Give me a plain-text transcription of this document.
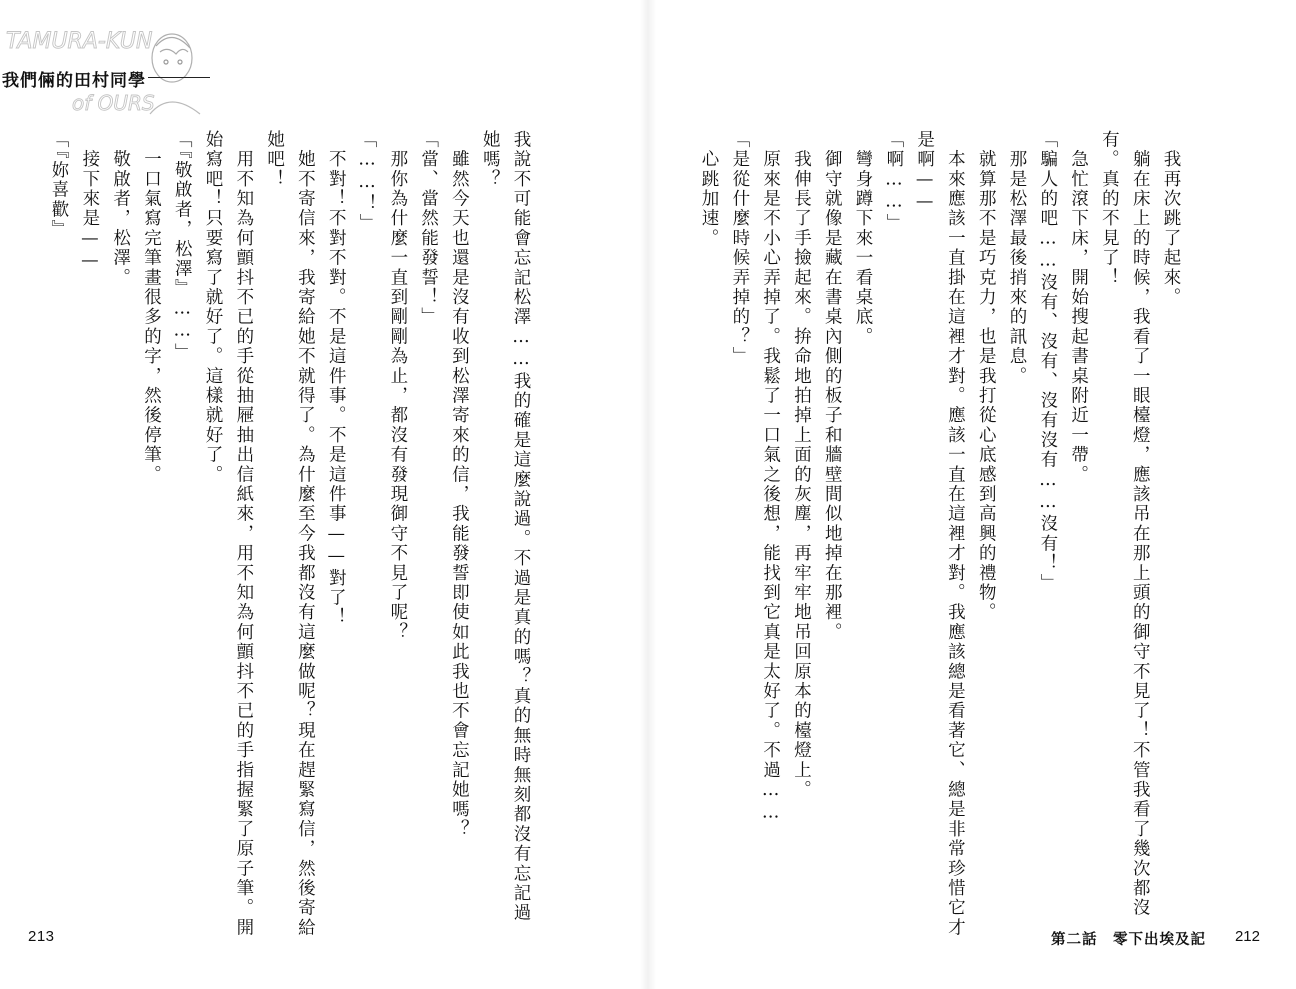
TAMURA-KUN
of OURS
我們倆的田村同學
我說不可能會忘記松澤……我的確是這麼說過。不過是真的嗎？真的無時無刻都沒有忘記過
她嗎？
　雖然今天也還是沒有收到松澤寄來的信，我能發誓即使如此我也不會忘記她嗎？
「當、當然能發誓！」
　那你為什麼一直到剛剛為止，都沒有發現御守不見了呢？
「……！」
　不對！不對不對。不是這件事。不是這件事——對了！
　她不寄信來，我寄給她不就得了。為什麼至今我都沒有這麼做呢？現在趕緊寫信，然後寄給
她吧！
　用不知為何顫抖不已的手從抽屜抽出信紙來，用不知為何顫抖不已的手指握緊了原子筆。開
始寫吧！只要寫了就好了。這樣就好了。
「『敬啟者，松澤』……」
　一口氣寫完筆畫很多的字，然後停筆。
　敬啟者，松澤。
　接下來是——
「『妳喜歡』
213
　我再次跳了起來。
　躺在床上的時候，我看了一眼檯燈，應該吊在那上頭的御守不見了！不管我看了幾次都沒
有。真的不見了！
　急忙滾下床，開始搜起書桌附近一帶。
「騙人的吧……沒有、沒有、沒有沒有……沒有！」
　那是松澤最後捎來的訊息。
　就算那不是巧克力，也是我打從心底感到高興的禮物。
　本來應該一直掛在這裡才對。應該一直在這裡才對。我應該總是看著它、總是非常珍惜它才
是啊——
「啊……」
　彎身蹲下來一看桌底。
　御守就像是藏在書桌內側的板子和牆壁間似地掉在那裡。
　我伸長了手撿起來。拚命地拍掉上面的灰塵，再牢牢地吊回原本的檯燈上。
　原來是不小心弄掉了。我鬆了一口氣之後想，能找到它真是太好了。不過……
「是從什麼時候弄掉的？」
　心跳加速。
第二話　零下出埃及記 212
